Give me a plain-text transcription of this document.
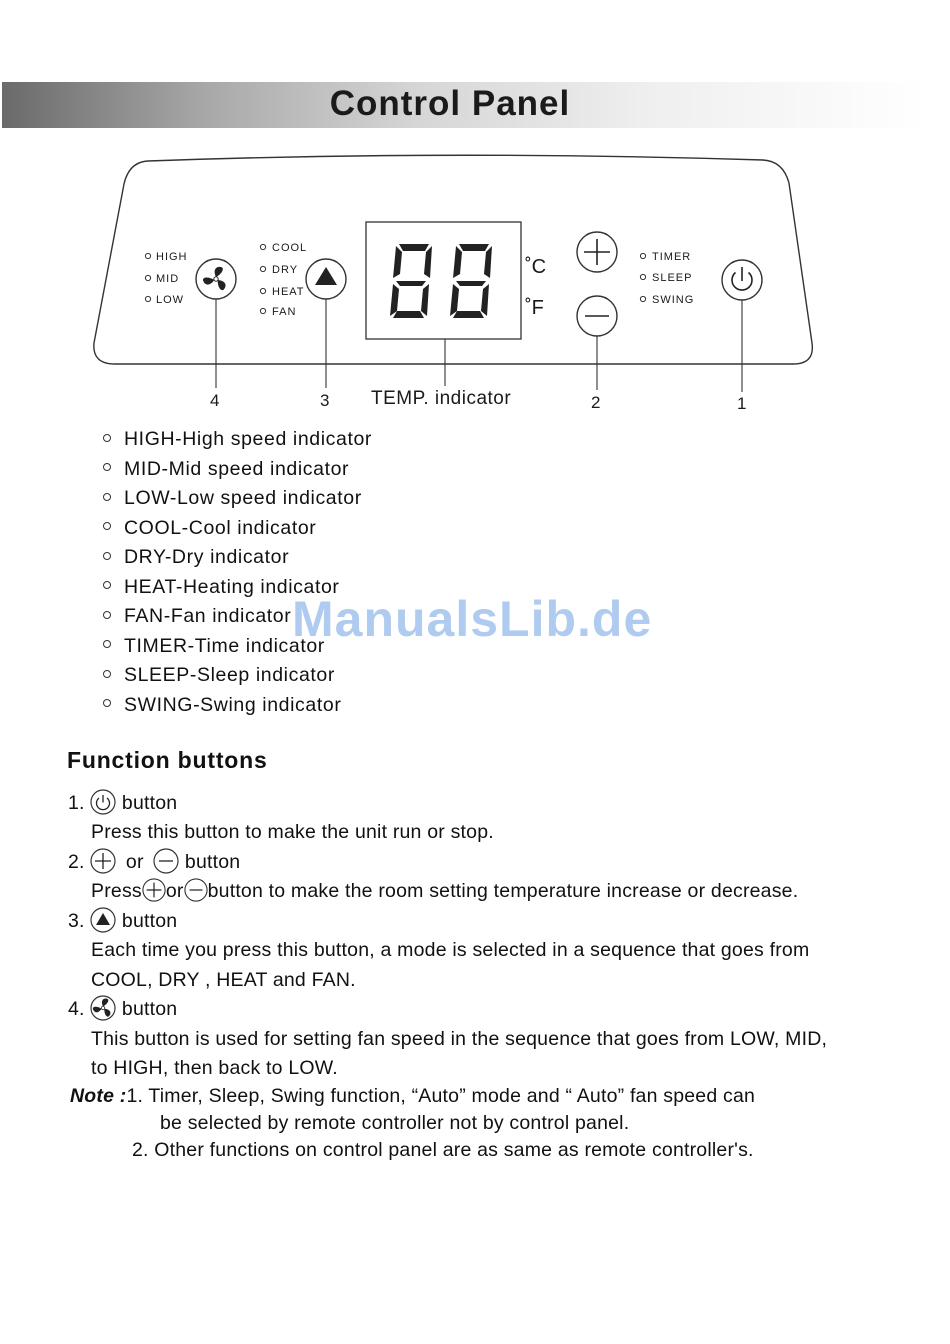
Control Panel
HIGH
MID
LOW
COOL
DRY
HEAT
FAN
˚C
˚F
TIMER
SLEEP
SWING
4	3 TEMP. indicator	2	1
HIGH-High speed indicator
MID-Mid speed indicator
LOW-Low speed indicator
COOL-Cool indicator
DRY-Dry indicator
HEAT-Heating indicator
FAN-Fan indicator
TIMER-Time indicator
SLEEP-Sleep indicator
SWING-Swing indicator
ManualsLib.de
Function buttons
1. button
Press this button to make the unit run or stop.
2. or button
Press or button to make the room setting temperature increase or decrease.
3. button
Each time you press this button, a mode is selected in a sequence that goes from
COOL, DRY , HEAT and FAN.
4. button
This button is used for setting fan speed in the sequence that goes from LOW, MID,
to HIGH, then back to LOW.
Note :1. Timer, Sleep, Swing function, “Auto” mode and “ Auto” fan speed can
be selected by remote controller not by control panel.
2. Other functions on control panel are as same as remote controller's.
